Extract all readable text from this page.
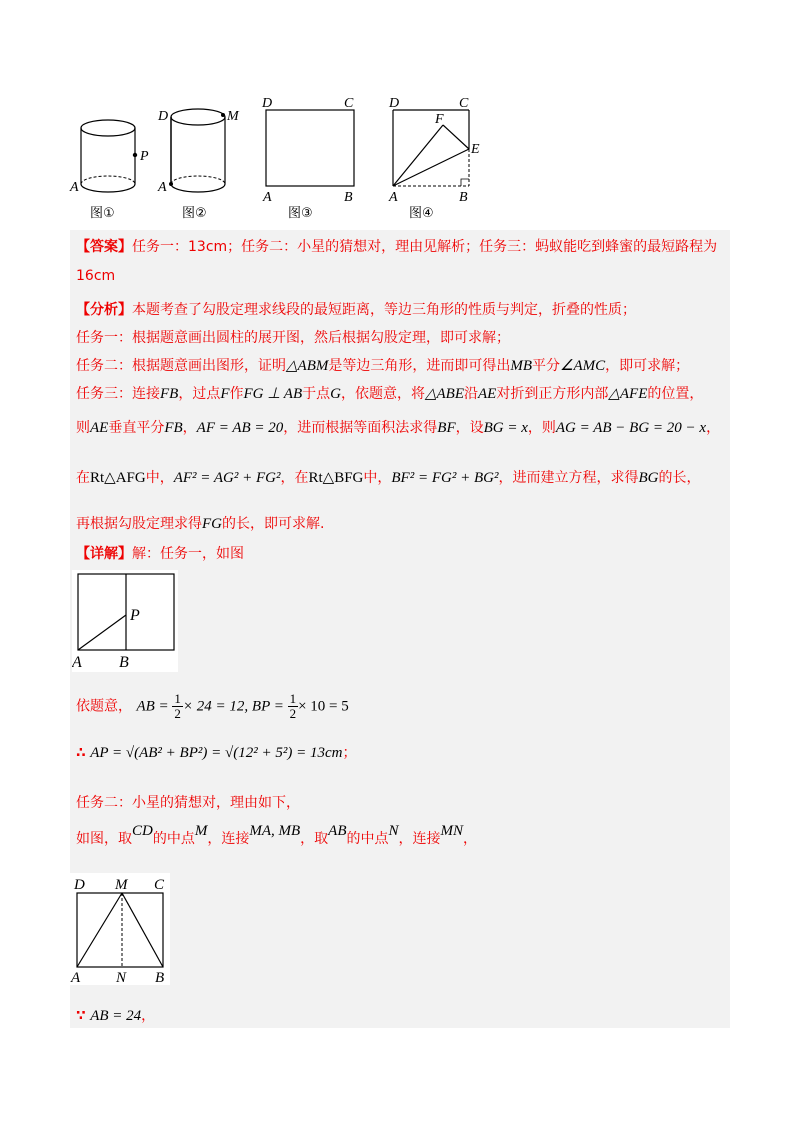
P
A
图①
D	M
A
图②
D	C
A	B
图③
D	C
F
E
A	B
图④
【答案】任务一：13cm；任务二：小星的猜想对，理由见解析；任务三：蚂蚁能吃到蜂蜜的最短路程为
16cm
【分析】本题考查了勾股定理求线段的最短距离，等边三角形的性质与判定，折叠的性质；
任务一：根据题意画出圆柱的展开图，然后根据勾股定理，即可求解；
任务二：根据题意画出图形，证明△ABM是等边三角形，进而即可得出MB平分∠AMC，即可求解；
任务三：连接FB，过点F作FG ⊥ AB于点G，依题意，将△ABE沿AE对折到正方形内部△AFE的位置，
则AE垂直平分FB，AF = AB = 20，进而根据等面积法求得BF，设BG = x，则AG = AB − BG = 20 − x，
在Rt△AFG中，AF² = AG² + FG²，在Rt△BFG中，BF² = FG² + BG²，进而建立方程，求得BG的长，
再根据勾股定理求得FG的长，即可求解.
【详解】解：任务一，如图
P
A B
依题意， AB = $\frac{1}{2} \times 24 = 12$, BP = $\frac{1}{2} \times 10 = 5$
∴ AP = √(AB² + BP²) = √(12² + 5²) = 13cm；
任务二：小星的猜想对，理由如下，
如图，取CD的中点M，连接MA, MB，取AB的中点N，连接MN，
D M C
A N B
∵ AB = 24，
